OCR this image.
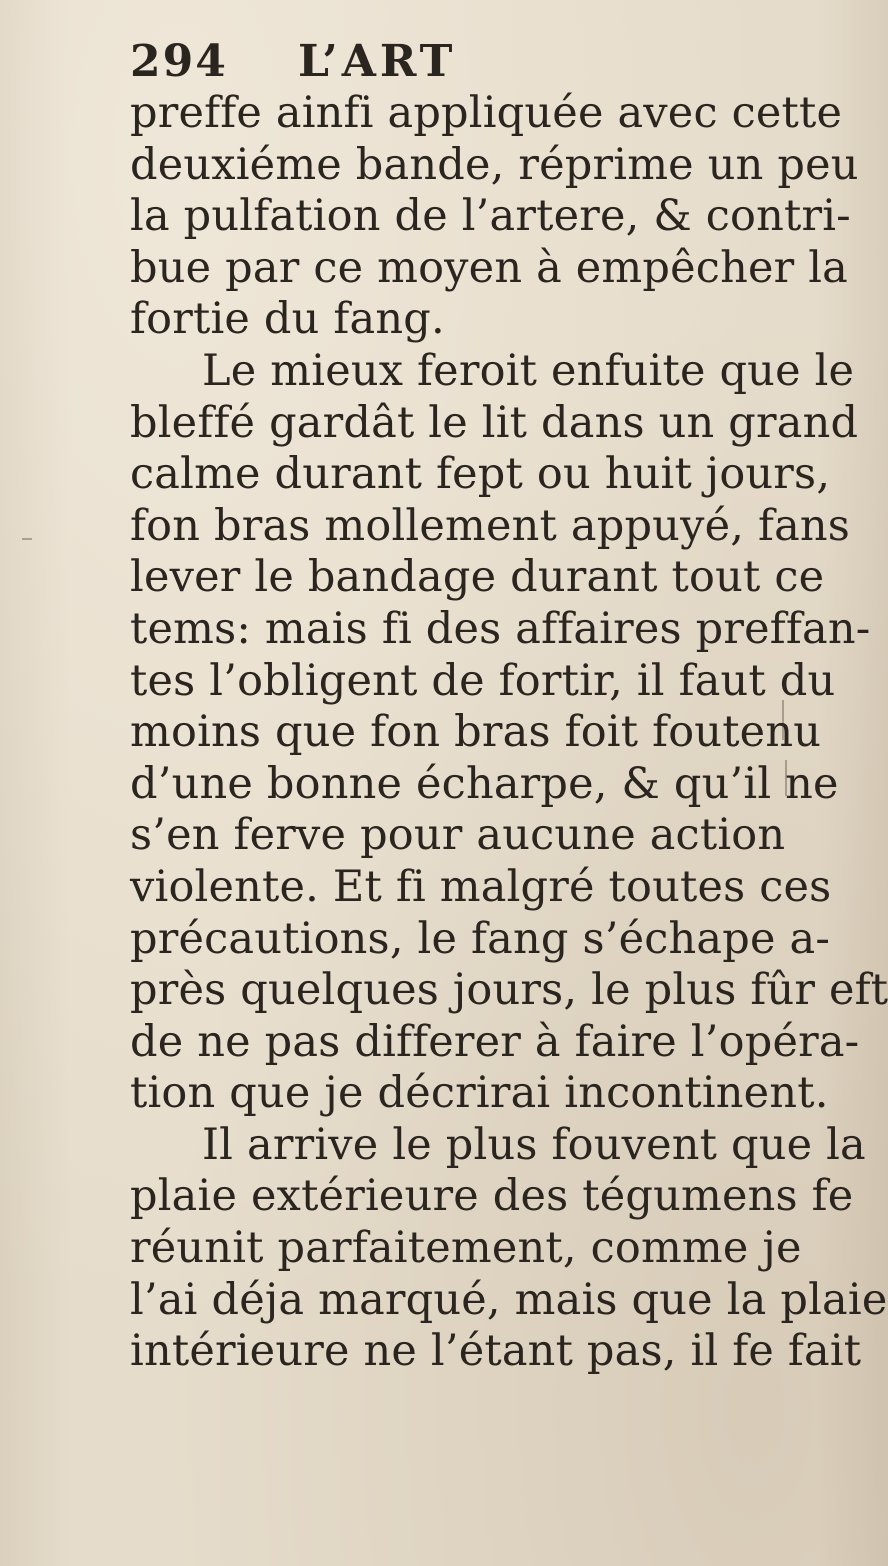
294 L’ART
preffe ainfi appliquée avec cette
deuxiéme bande, réprime un peu
la pulfation de l’artere, & contri-
bue par ce moyen à empêcher la
fortie du fang.
Le mieux feroit enfuite que le
bleffé gardât le lit dans un grand
calme durant fept ou huit jours,
fon bras mollement appuyé, fans
lever le bandage durant tout ce
tems: mais fi des affaires preffan-
tes l’obligent de fortir, il faut du
moins que fon bras foit foutenu
d’une bonne écharpe, & qu’il ne
s’en ferve pour aucune action
violente. Et fi malgré toutes ces
précautions, le fang s’échape a-
près quelques jours, le plus fûr eft
de ne pas differer à faire l’opéra-
tion que je décrirai incontinent.
Il arrive le plus fouvent que la
plaie extérieure des tégumens fe
réunit parfaitement, comme je
l’ai déja marqué, mais que la plaie
intérieure ne l’étant pas, il fe fait
